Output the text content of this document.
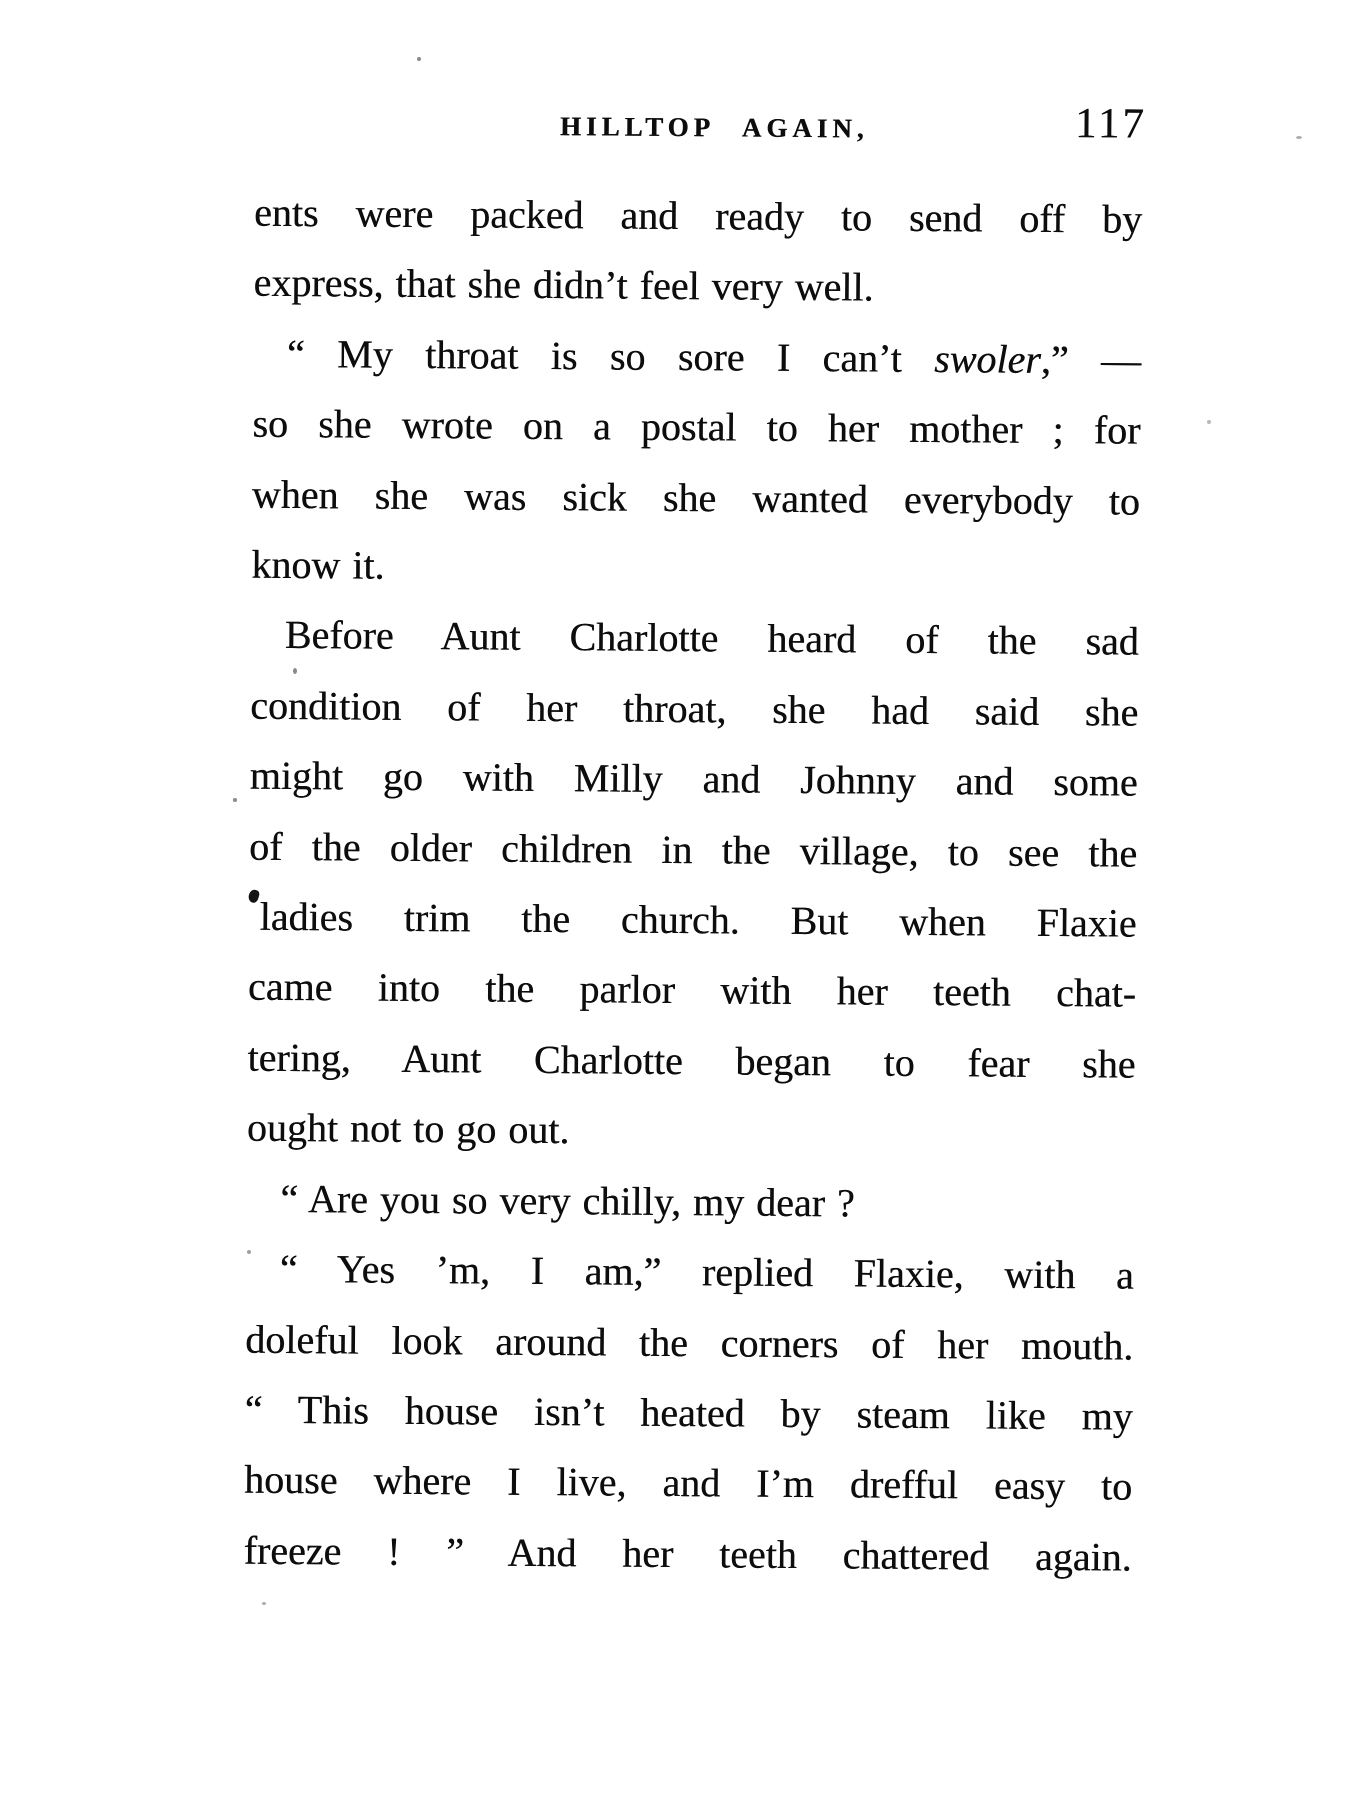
HILLTOP AGAIN,	117
ents were packed and ready to send off by
express, that she didn’t feel very well.
“ My throat is so sore I can’t swoler,” —
so she wrote on a postal to her mother ; for
when she was sick she wanted everybody to
know it.
Before Aunt Charlotte heard of the sad
condition of her throat, she had said she
might go with Milly and Johnny and some
of the older children in the village, to see the
ladies trim the church. But when Flaxie
came into the parlor with her teeth chat-
tering, Aunt Charlotte began to fear she
ought not to go out.
“ Are you so very chilly, my dear ?
“ Yes ’m, I am,” replied Flaxie, with a
doleful look around the corners of her mouth.
“ This house isn’t heated by steam like my
house where I live, and I’m drefful easy to
freeze ! ” And her teeth chattered again.
